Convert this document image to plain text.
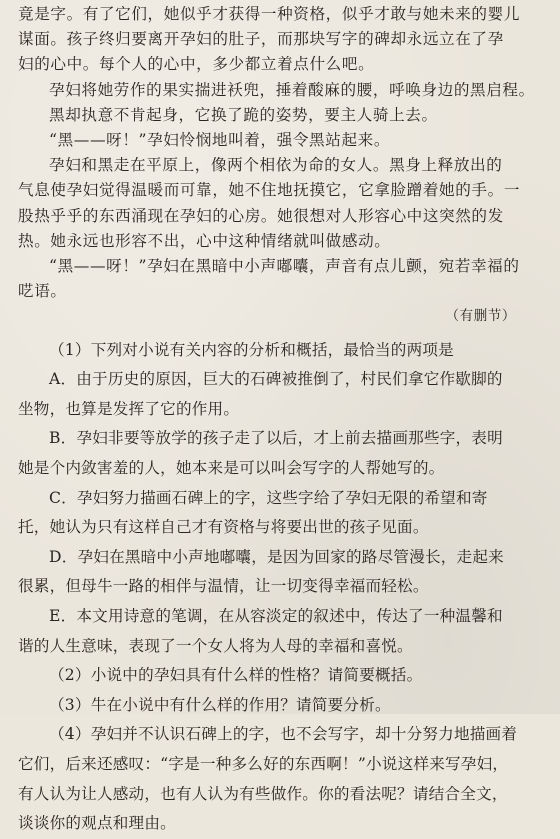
竟是字。有了它们，她似乎才获得一种资格，似乎才敢与她未来的婴儿
谋面。孩子终归要离开孕妇的肚子，而那块写字的碑却永远立在了孕
妇的心中。每个人的心中，多少都立着点什么吧。
孕妇将她劳作的果实揣进袄兜，捶着酸麻的腰，呼唤身边的黑启程。
黑却执意不肯起身，它换了跪的姿势，要主人骑上去。
“黑——呀！”孕妇怜悯地叫着，强令黑站起来。
孕妇和黑走在平原上，像两个相依为命的女人。黑身上释放出的
气息使孕妇觉得温暖而可靠，她不住地抚摸它，它拿脸蹭着她的手。一
股热乎乎的东西涌现在孕妇的心房。她很想对人形容心中这突然的发
热。她永远也形容不出，心中这种情绪就叫做感动。
“黑——呀！”孕妇在黑暗中小声嘟囔，声音有点儿颤，宛若幸福的
呓语。
（有删节）
（1）下列对小说有关内容的分析和概括，最恰当的两项是
A．由于历史的原因，巨大的石碑被推倒了，村民们拿它作歇脚的
坐物，也算是发挥了它的作用。
B．孕妇非要等放学的孩子走了以后，才上前去描画那些字，表明
她是个内敛害羞的人，她本来是可以叫会写字的人帮她写的。
C．孕妇努力描画石碑上的字，这些字给了孕妇无限的希望和寄
托，她认为只有这样自己才有资格与将要出世的孩子见面。
D．孕妇在黑暗中小声地嘟囔，是因为回家的路尽管漫长，走起来
很累，但母牛一路的相伴与温情，让一切变得幸福而轻松。
E．本文用诗意的笔调，在从容淡定的叙述中，传达了一种温馨和
谐的人生意味，表现了一个女人将为人母的幸福和喜悦。
（2）小说中的孕妇具有什么样的性格？请简要概括。
（3）牛在小说中有什么样的作用？请简要分析。
（4）孕妇并不认识石碑上的字，也不会写字，却十分努力地描画着
它们，后来还感叹：“字是一种多么好的东西啊！”小说这样来写孕妇，
有人认为让人感动，也有人认为有些做作。你的看法呢？请结合全文，
谈谈你的观点和理由。
